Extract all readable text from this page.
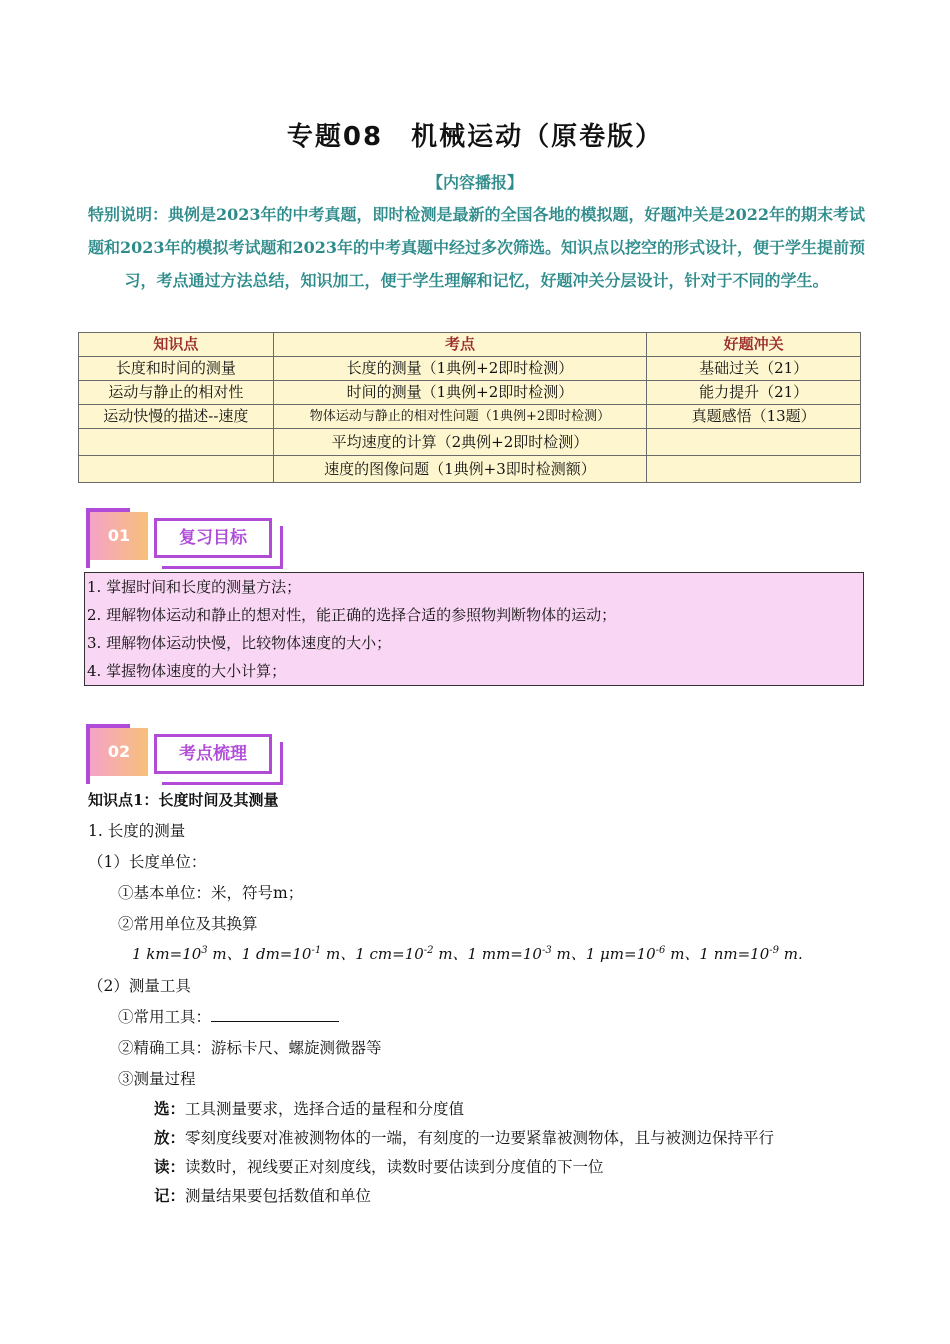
专题08　机械运动（原卷版）
【内容播报】
特别说明：典例是2023年的中考真题，即时检测是最新的全国各地的模拟题，好题冲关是2022年的期末考试题和2023年的模拟考试题和2023年的中考真题中经过多次筛选。知识点以挖空的形式设计，便于学生提前预习，考点通过方法总结，知识加工，便于学生理解和记忆，好题冲关分层设计，针对于不同的学生。
知识点	考点	好题冲关
长度和时间的测量	长度的测量（1典例+2即时检测）	基础过关（21）
运动与静止的相对性	时间的测量（1典例+2即时检测）	能力提升（21）
运动快慢的描述--速度	物体运动与静止的相对性问题（1典例+2即时检测）	真题感悟（13题）
	平均速度的计算（2典例+2即时检测）	
	速度的图像问题（1典例+3即时检测额）	
01	复习目标
1. 掌握时间和长度的测量方法；
2. 理解物体运动和静止的想对性，能正确的选择合适的参照物判断物体的运动；
3. 理解物体运动快慢，比较物体速度的大小；
4. 掌握物体速度的大小计算；
02	考点梳理
知识点1：长度时间及其测量
1. 长度的测量
（1）长度单位：
①基本单位：米，符号m；
②常用单位及其换算
1 $km=10^3$ m、1 $dm=10^{-1}$ m、1 $cm=10^{-2}$ m、1 $mm=10^{-3}$ m、1 $\mu m=10^{-6}$ m、1 $nm=10^{-9}$ m.
（2）测量工具
①常用工具：
②精确工具：游标卡尺、螺旋测微器等
③测量过程
选：工具测量要求，选择合适的量程和分度值
放：零刻度线要对准被测物体的一端，有刻度的一边要紧靠被测物体，且与被测边保持平行
读：读数时，视线要正对刻度线，读数时要估读到分度值的下一位
记：测量结果要包括数值和单位
